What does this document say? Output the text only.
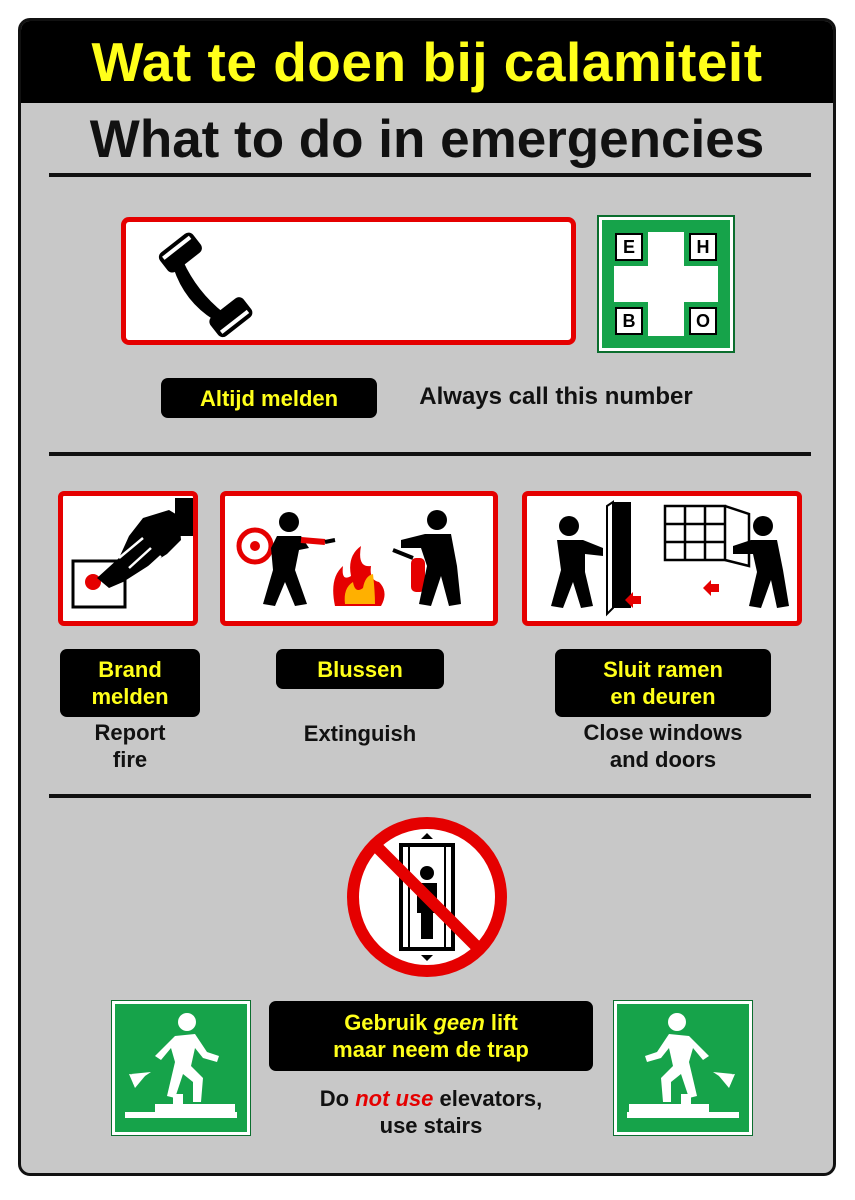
Wat te doen bij calamiteit
What to do in emergencies
E	H
B	O
Altijd melden	Always call this number
Brand
melden
Report
fire
Blussen
Extinguish
Sluit ramen
en deuren
Close windows
and doors
Gebruik geen lift
maar neem de trap
Do not use elevators,
use stairs
